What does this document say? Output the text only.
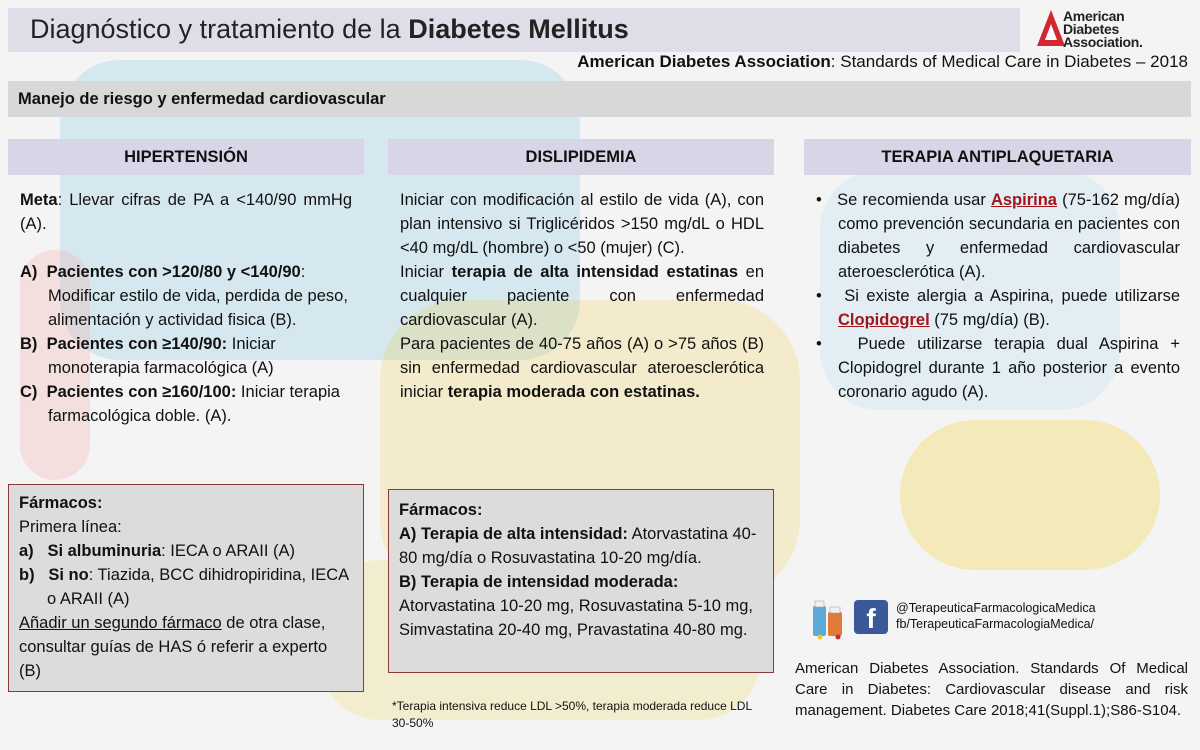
Diagnóstico y tratamiento de la Diabetes Mellitus	American
Diabetes
Association.
American Diabetes Association: Standards of Medical Care in Diabetes – 2018
Manejo de riesgo y enfermedad cardiovascular
HIPERTENSIÓN	DISLIPIDEMIA	TERAPIA ANTIPLAQUETARIA
Meta: Llevar cifras de PA a <140/90 mmHg (A).
A) Pacientes con >120/80 y <140/90: Modificar estilo de vida, perdida de peso, alimentación y actividad fisica (B).
B) Pacientes con ≥140/90: Iniciar monoterapia farmacológica (A)
C) Pacientes con ≥160/100: Iniciar terapia farmacológica doble. (A).
Fármacos:
Primera línea:
a) Si albuminuria: IECA o ARAII (A)
b) Si no: Tiazida, BCC dihidropiridina, IECA o ARAII (A)
Añadir un segundo fármaco de otra clase, consultar guías de HAS ó referir a experto (B)
Iniciar con modificación al estilo de vida (A), con plan intensivo si Triglicéridos >150 mg/dL o HDL <40 mg/dL (hombre) o <50 (mujer) (C).
Iniciar terapia de alta intensidad estatinas en cualquier paciente con enfermedad cardiovascular (A).
Para pacientes de 40-75 años (A) o >75 años (B) sin enfermedad cardiovascular ateroesclerótica iniciar terapia moderada con estatinas.
Fármacos:
A) Terapia de alta intensidad: Atorvastatina 40-80 mg/día o Rosuvastatina 10-20 mg/día.
B) Terapia de intensidad moderada:
Atorvastatina 10-20 mg, Rosuvastatina 5-10 mg, Simvastatina 20-40 mg, Pravastatina 40-80 mg.
*Terapia intensiva reduce LDL >50%, terapia moderada reduce LDL 30-50%
•   Se recomienda usar Aspirina (75-162 mg/día) como prevención secundaria en pacientes con diabetes y enfermedad cardiovascular ateroesclerótica (A).
•   Si existe alergia a Aspirina, puede utilizarse Clopidogrel (75 mg/día) (B).
•   Puede utilizarse terapia dual Aspirina + Clopidogrel durante 1 año posterior a evento coronario agudo (A).
f	@TerapeuticaFarmacologicaMedica
fb/TerapeuticaFarmacologiaMedica/
American Diabetes Association. Standards Of Medical Care in Diabetes: Cardiovascular disease and risk management. Diabetes Care 2018;41(Suppl.1);S86-S104.
